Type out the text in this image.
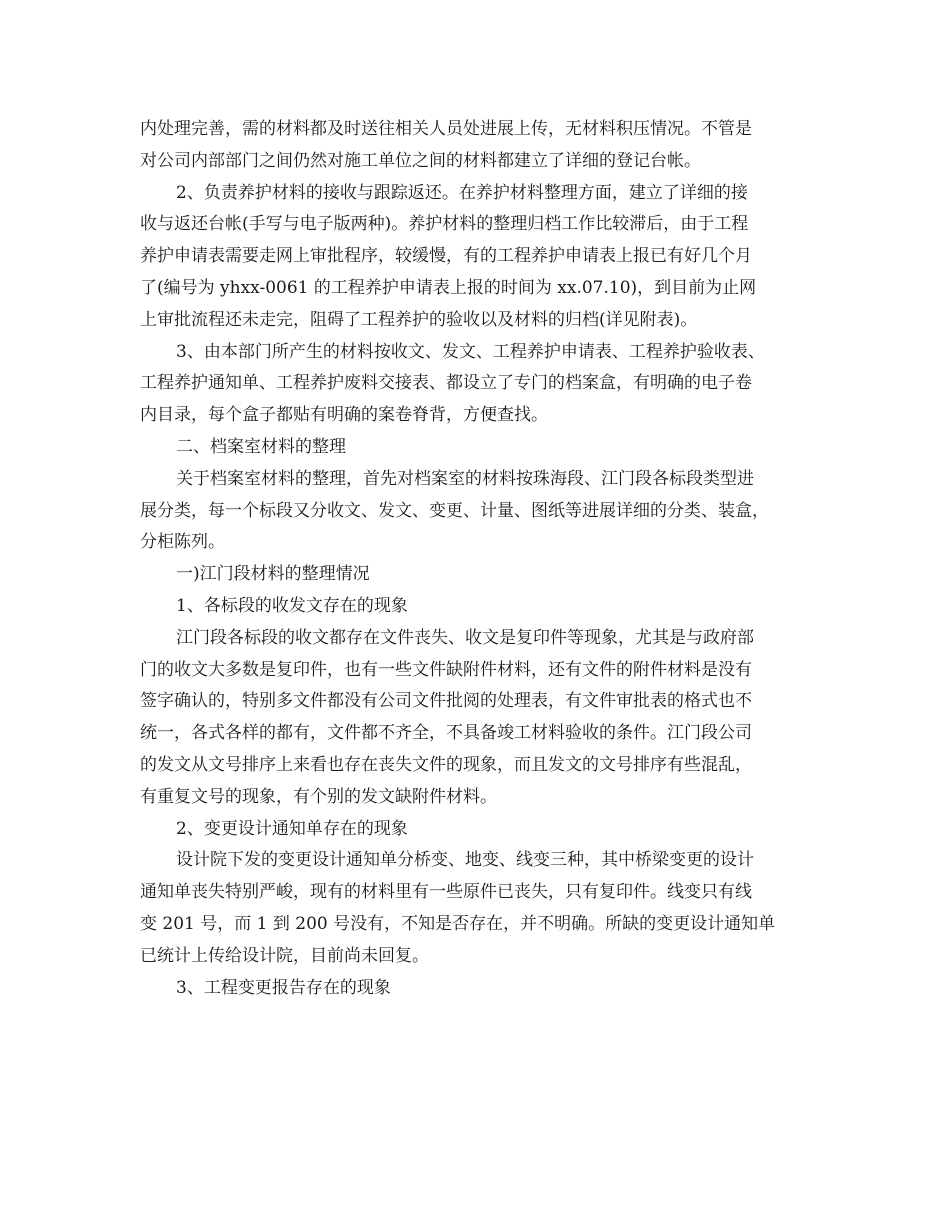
内处理完善，需的材料都及时送往相关人员处进展上传，无材料积压情况。不管是
对公司内部部门之间仍然对施工单位之间的材料都建立了详细的登记台帐。
2、负责养护材料的接收与跟踪返还。在养护材料整理方面，建立了详细的接
收与返还台帐(手写与电子版两种)。养护材料的整理归档工作比较滞后，由于工程
养护申请表需要走网上审批程序，较缓慢，有的工程养护申请表上报已有好几个月
了(编号为 yhxx-0061 的工程养护申请表上报的时间为 xx.07.10)，到目前为止网
上审批流程还未走完，阻碍了工程养护的验收以及材料的归档(详见附表)。
3、由本部门所产生的材料按收文、发文、工程养护申请表、工程养护验收表、
工程养护通知单、工程养护废料交接表、都设立了专门的档案盒，有明确的电子卷
内目录，每个盒子都贴有明确的案卷脊背，方便查找。
二、档案室材料的整理
关于档案室材料的整理，首先对档案室的材料按珠海段、江门段各标段类型进
展分类，每一个标段又分收文、发文、变更、计量、图纸等进展详细的分类、装盒，
分柜陈列。
一)江门段材料的整理情况
1、各标段的收发文存在的现象
江门段各标段的收文都存在文件丧失、收文是复印件等现象，尤其是与政府部
门的收文大多数是复印件，也有一些文件缺附件材料，还有文件的附件材料是没有
签字确认的，特别多文件都没有公司文件批阅的处理表，有文件审批表的格式也不
统一，各式各样的都有，文件都不齐全，不具备竣工材料验收的条件。江门段公司
的发文从文号排序上来看也存在丧失文件的现象，而且发文的文号排序有些混乱，
有重复文号的现象，有个别的发文缺附件材料。
2、变更设计通知单存在的现象
设计院下发的变更设计通知单分桥变、地变、线变三种，其中桥梁变更的设计
通知单丧失特别严峻，现有的材料里有一些原件已丧失，只有复印件。线变只有线
变 201 号，而 1 到 200 号没有，不知是否存在，并不明确。所缺的变更设计通知单
已统计上传给设计院，目前尚未回复。
3、工程变更报告存在的现象
